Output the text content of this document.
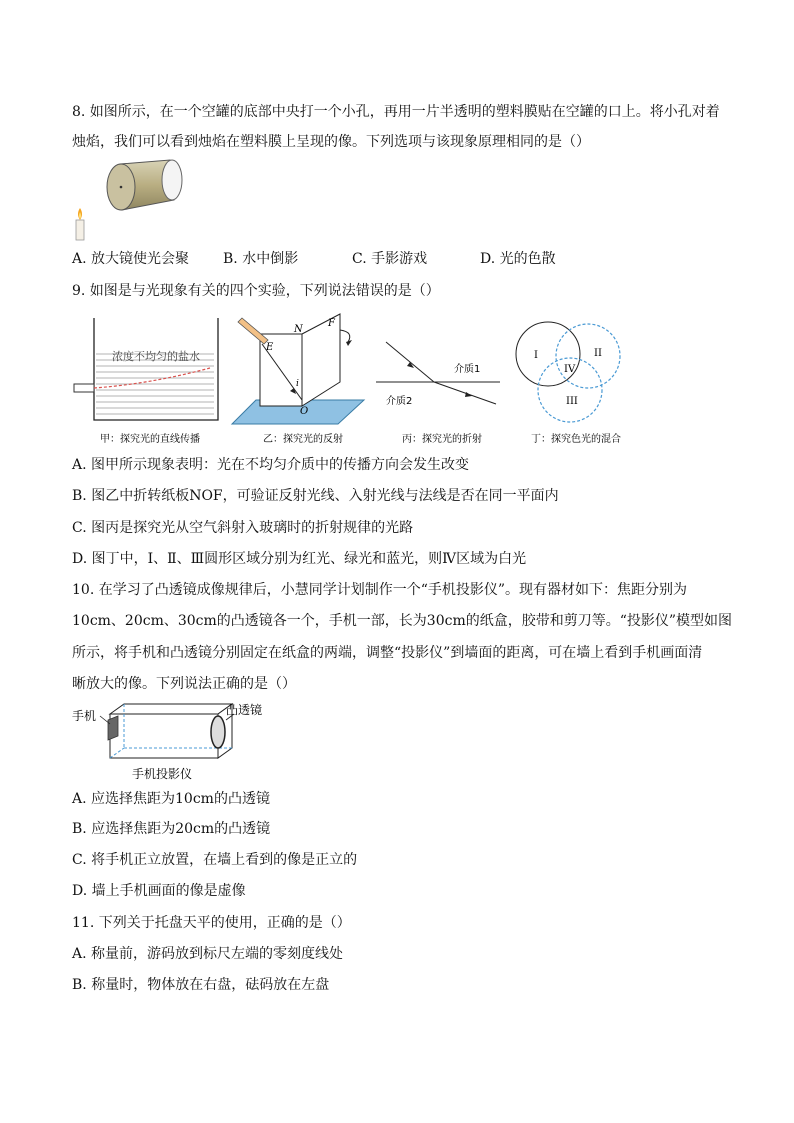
8. 如图所示，在一个空罐的底部中央打一个小孔，再用一片半透明的塑料膜贴在空罐的口上。将小孔对着
烛焰，我们可以看到烛焰在塑料膜上呈现的像。下列选项与该现象原理相同的是（）
A. 放大镜使光会聚 B. 水中倒影	C. 手影游戏	D. 光的色散
9. 如图是与光现象有关的四个实验，下列说法错误的是（）
浓度不均匀的盐水
甲：探究光的直线传播
N
F
E
i
O
乙：探究光的反射
介质1
介质2
丙：探究光的折射
I	II
IV
III
丁：探究色光的混合
A. 图甲所示现象表明：光在不均匀介质中的传播方向会发生改变
B. 图乙中折转纸板NOF，可验证反射光线、入射光线与法线是否在同一平面内
C. 图丙是探究光从空气斜射入玻璃时的折射规律的光路
D. 图丁中，Ⅰ、Ⅱ、Ⅲ圆形区域分别为红光、绿光和蓝光，则Ⅳ区域为白光
10. 在学习了凸透镜成像规律后，小慧同学计划制作一个“手机投影仪”。现有器材如下：焦距分别为
10cm、20cm、30cm的凸透镜各一个，手机一部，长为30cm的纸盒，胶带和剪刀等。“投影仪”模型如图
所示，将手机和凸透镜分别固定在纸盒的两端，调整“投影仪”到墙面的距离，可在墙上看到手机画面清
晰放大的像。下列说法正确的是（）
手机	凸透镜
手机投影仪
A. 应选择焦距为10cm的凸透镜
B. 应选择焦距为20cm的凸透镜
C. 将手机正立放置，在墙上看到的像是正立的
D. 墙上手机画面的像是虚像
11. 下列关于托盘天平的使用，正确的是（）
A. 称量前，游码放到标尺左端的零刻度线处
B. 称量时，物体放在右盘，砝码放在左盘
